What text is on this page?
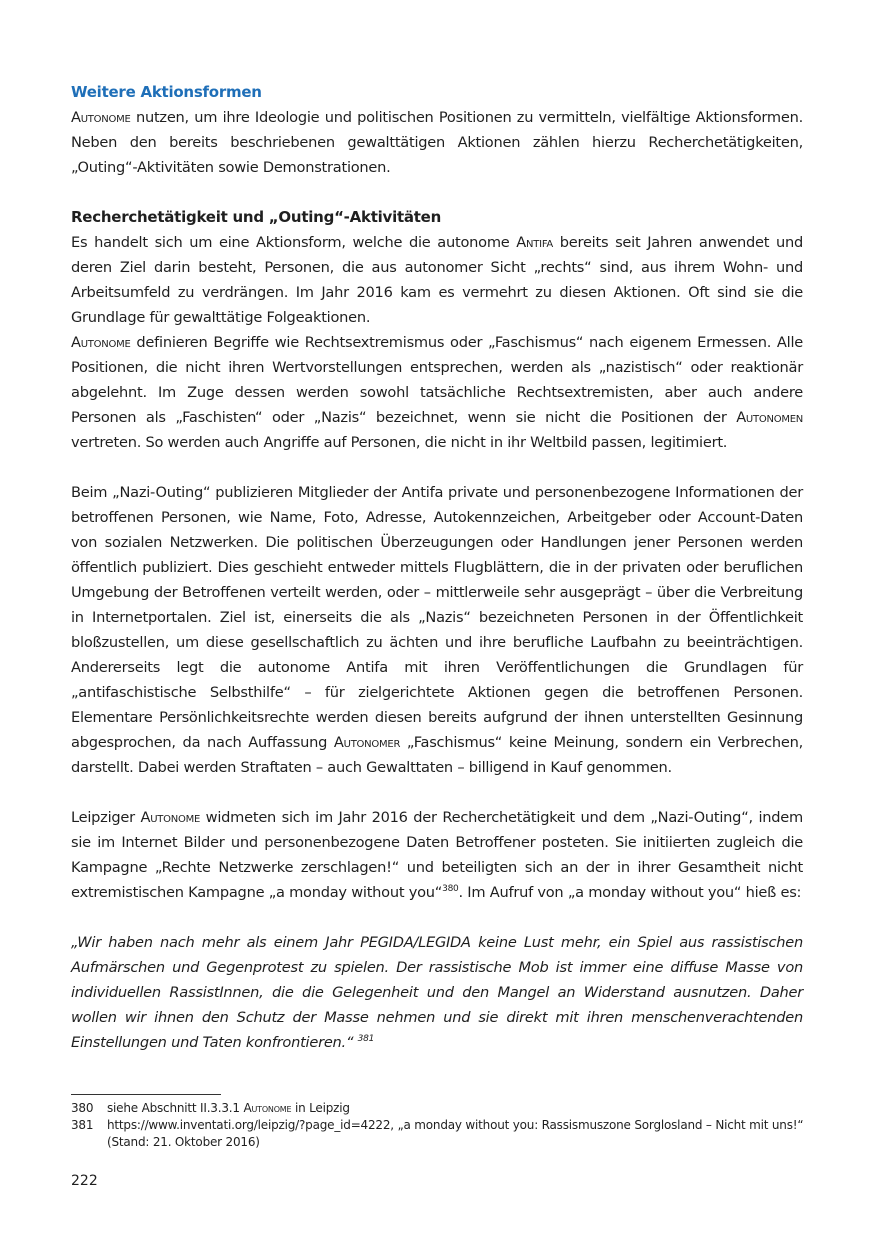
Weitere Aktionsformen

Autonome nutzen, um ihre Ideologie und politischen Positionen zu vermitteln, vielfältige Aktionsformen. Neben den bereits beschriebenen gewalttätigen Aktionen zählen hierzu Recherchetätigkeiten, „Outing“-Aktivitäten sowie Demonstrationen.

Recherchetätigkeit und „Outing“-Aktivitäten

Es handelt sich um eine Aktionsform, welche die autonome Antifa bereits seit Jahren anwendet und deren Ziel darin besteht, Personen, die aus autonomer Sicht „rechts“ sind, aus ihrem Wohn- und Arbeitsumfeld zu verdrängen. Im Jahr 2016 kam es vermehrt zu diesen Aktionen. Oft sind sie die Grundlage für gewalttätige Folgeaktionen.

Autonome definieren Begriffe wie Rechtsextremismus oder „Faschismus“ nach eigenem Ermessen. Alle Positionen, die nicht ihren Wertvorstellungen entsprechen, werden als „nazistisch“ oder reaktionär abgelehnt. Im Zuge dessen werden sowohl tatsächliche Rechtsextremisten, aber auch andere Personen als „Faschisten“ oder „Nazis“ bezeichnet, wenn sie nicht die Positionen der Autonomen vertreten. So werden auch Angriffe auf Personen, die nicht in ihr Weltbild passen, legitimiert.

Beim „Nazi-Outing“ publizieren Mitglieder der Antifa private und personenbezogene Informationen der betroffenen Personen, wie Name, Foto, Adresse, Autokennzeichen, Arbeitgeber oder Account-Daten von sozialen Netzwerken. Die politischen Überzeugungen oder Handlungen jener Personen werden öffentlich publiziert. Dies geschieht entweder mittels Flugblättern, die in der privaten oder beruflichen Umgebung der Betroffenen verteilt werden, oder – mittlerweile sehr ausgeprägt – über die Verbreitung in Internetportalen. Ziel ist, einerseits die als „Nazis“ bezeichneten Personen in der Öffentlichkeit bloßzustellen, um diese gesellschaftlich zu ächten und ihre berufliche Laufbahn zu beeinträchtigen. Andererseits legt die autonome Antifa mit ihren Veröffentlichungen die Grundlagen für „antifaschistische Selbsthilfe“ – für zielgerichtete Aktionen gegen die betroffenen Personen. Elementare Persönlichkeitsrechte werden diesen bereits aufgrund der ihnen unterstellten Gesinnung abgesprochen, da nach Auffassung Autonomer „Faschismus“ keine Meinung, sondern ein Verbrechen, darstellt. Dabei werden Straftaten – auch Gewalttaten – billigend in Kauf genommen.

Leipziger Autonome widmeten sich im Jahr 2016 der Recherchetätigkeit und dem „Nazi-Outing“, indem sie im Internet Bilder und personenbezogene Daten Betroffener posteten. Sie initiierten zugleich die Kampagne „Rechte Netzwerke zerschlagen!“ und beteiligten sich an der in ihrer Gesamtheit nicht extremistischen Kampagne „a monday without you“$^{380}$. Im Aufruf von „a monday without you“ hieß es:

„Wir haben nach mehr als einem Jahr PEGIDA/LEGIDA keine Lust mehr, ein Spiel aus rassistischen Aufmärschen und Gegenprotest zu spielen. Der rassistische Mob ist immer eine diffuse Masse von individuellen RassistInnen, die die Gelegenheit und den Mangel an Widerstand ausnutzen. Daher wollen wir ihnen den Schutz der Masse nehmen und sie direkt mit ihren menschenverachtenden Einstellungen und Taten konfrontieren.“ $^{381}$

380	siehe Abschnitt II.3.3.1 Autonome in Leipzig
381	https://www.inventati.org/leipzig/?page_id=4222, „a monday without you: Rassismuszone Sorglosland – Nicht mit uns!“ (Stand: 21. Oktober 2016)
222
